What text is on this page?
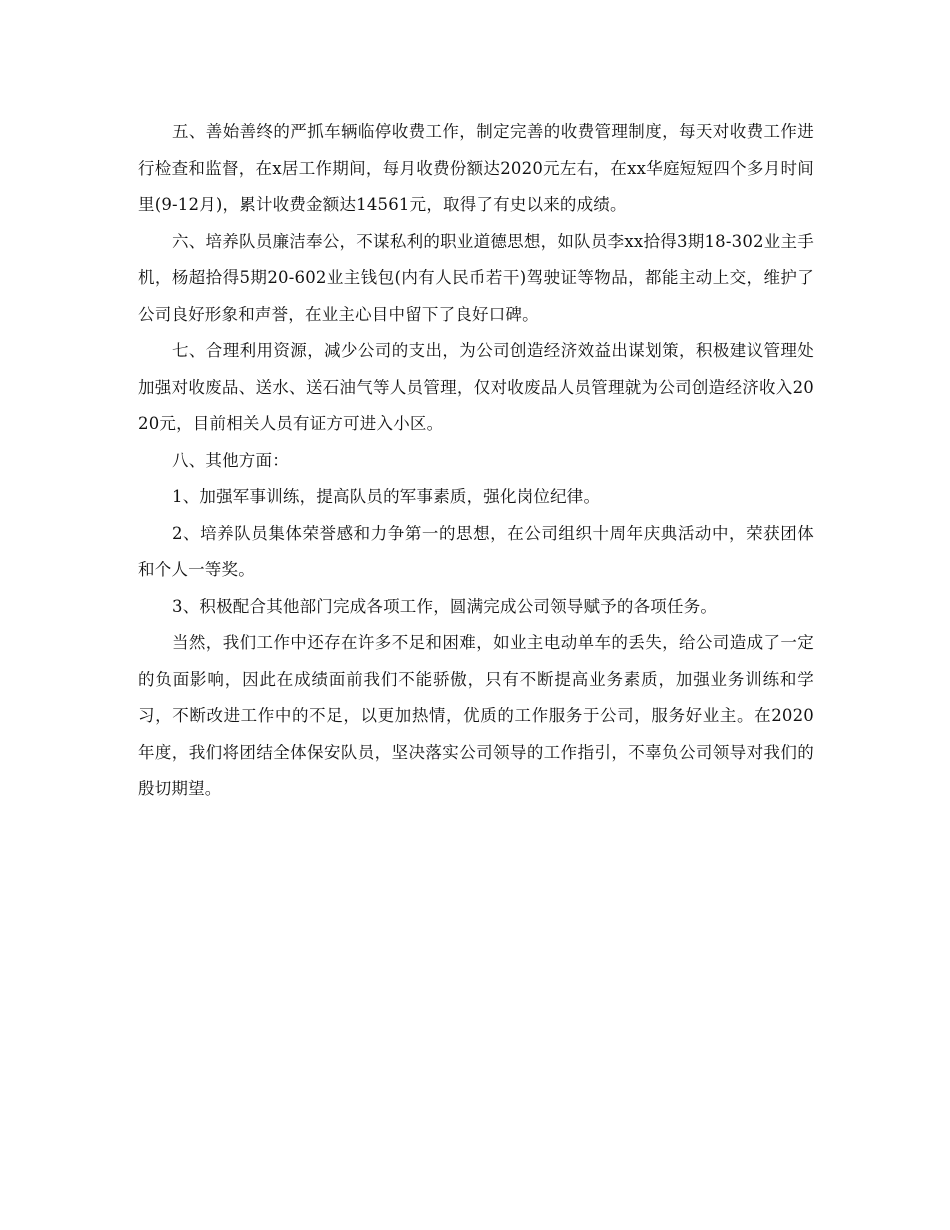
五、善始善终的严抓车辆临停收费工作，制定完善的收费管理制度，每天对收费工作进行检查和监督，在x居工作期间，每月收费份额达2020元左右，在xx华庭短短四个多月时间里(9-12月)，累计收费金额达14561元，取得了有史以来的成绩。

六、培养队员廉洁奉公，不谋私利的职业道德思想，如队员李xx拾得3期18-302业主手机，杨超拾得5期20-602业主钱包(内有人民币若干)驾驶证等物品，都能主动上交，维护了公司良好形象和声誉，在业主心目中留下了良好口碑。

七、合理利用资源，减少公司的支出，为公司创造经济效益出谋划策，积极建议管理处加强对收废品、送水、送石油气等人员管理，仅对收废品人员管理就为公司创造经济收入2020元，目前相关人员有证方可进入小区。

八、其他方面：

1、加强军事训练，提高队员的军事素质，强化岗位纪律。

2、培养队员集体荣誉感和力争第一的思想，在公司组织十周年庆典活动中，荣获团体和个人一等奖。

3、积极配合其他部门完成各项工作，圆满完成公司领导赋予的各项任务。

当然，我们工作中还存在许多不足和困难，如业主电动单车的丢失，给公司造成了一定的负面影响，因此在成绩面前我们不能骄傲，只有不断提高业务素质，加强业务训练和学习，不断改进工作中的不足，以更加热情，优质的工作服务于公司，服务好业主。在2020年度，我们将团结全体保安队员，坚决落实公司领导的工作指引，不辜负公司领导对我们的殷切期望。
